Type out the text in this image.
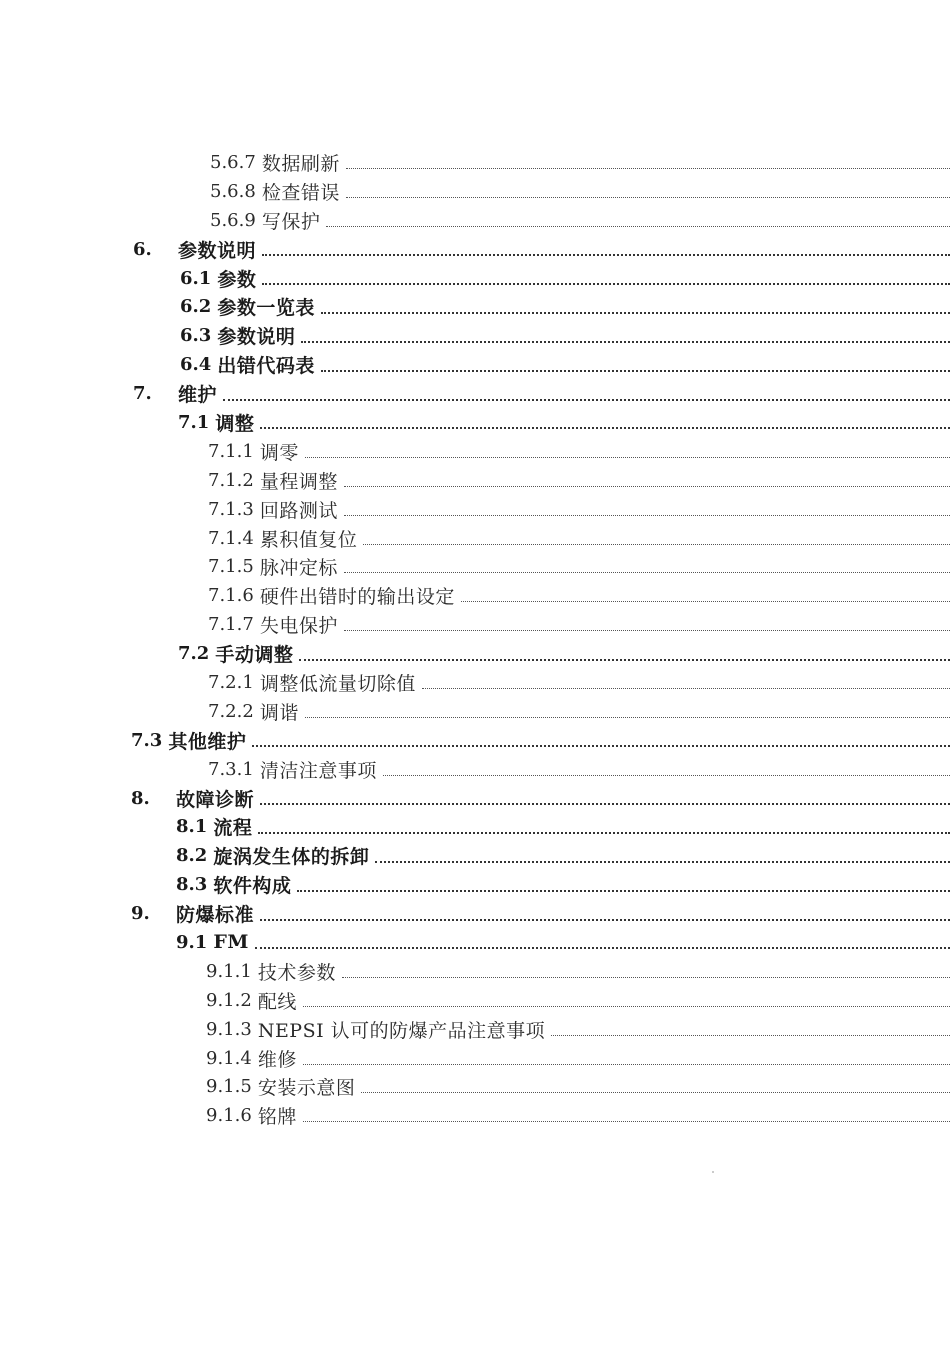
5.6.7 数据刷新
5.6.8 检查错误
5.6.9 写保护
6.	参数说明
6.1 参数
6.2 参数一览表
6.3 参数说明
6.4 出错代码表
7.	维护
7.1 调整
7.1.1 调零
7.1.2 量程调整
7.1.3 回路测试
7.1.4 累积值复位
7.1.5 脉冲定标
7.1.6 硬件出错时的输出设定
7.1.7 失电保护
7.2 手动调整
7.2.1 调整低流量切除值
7.2.2 调谐
7.3 其他维护
7.3.1 清洁注意事项
8.	故障诊断
8.1 流程
8.2 旋涡发生体的拆卸
8.3 软件构成
9.	防爆标准
9.1 FM
9.1.1 技术参数
9.1.2 配线
9.1.3 NEPSI 认可的防爆产品注意事项
9.1.4 维修
9.1.5 安装示意图
9.1.6 铭牌
